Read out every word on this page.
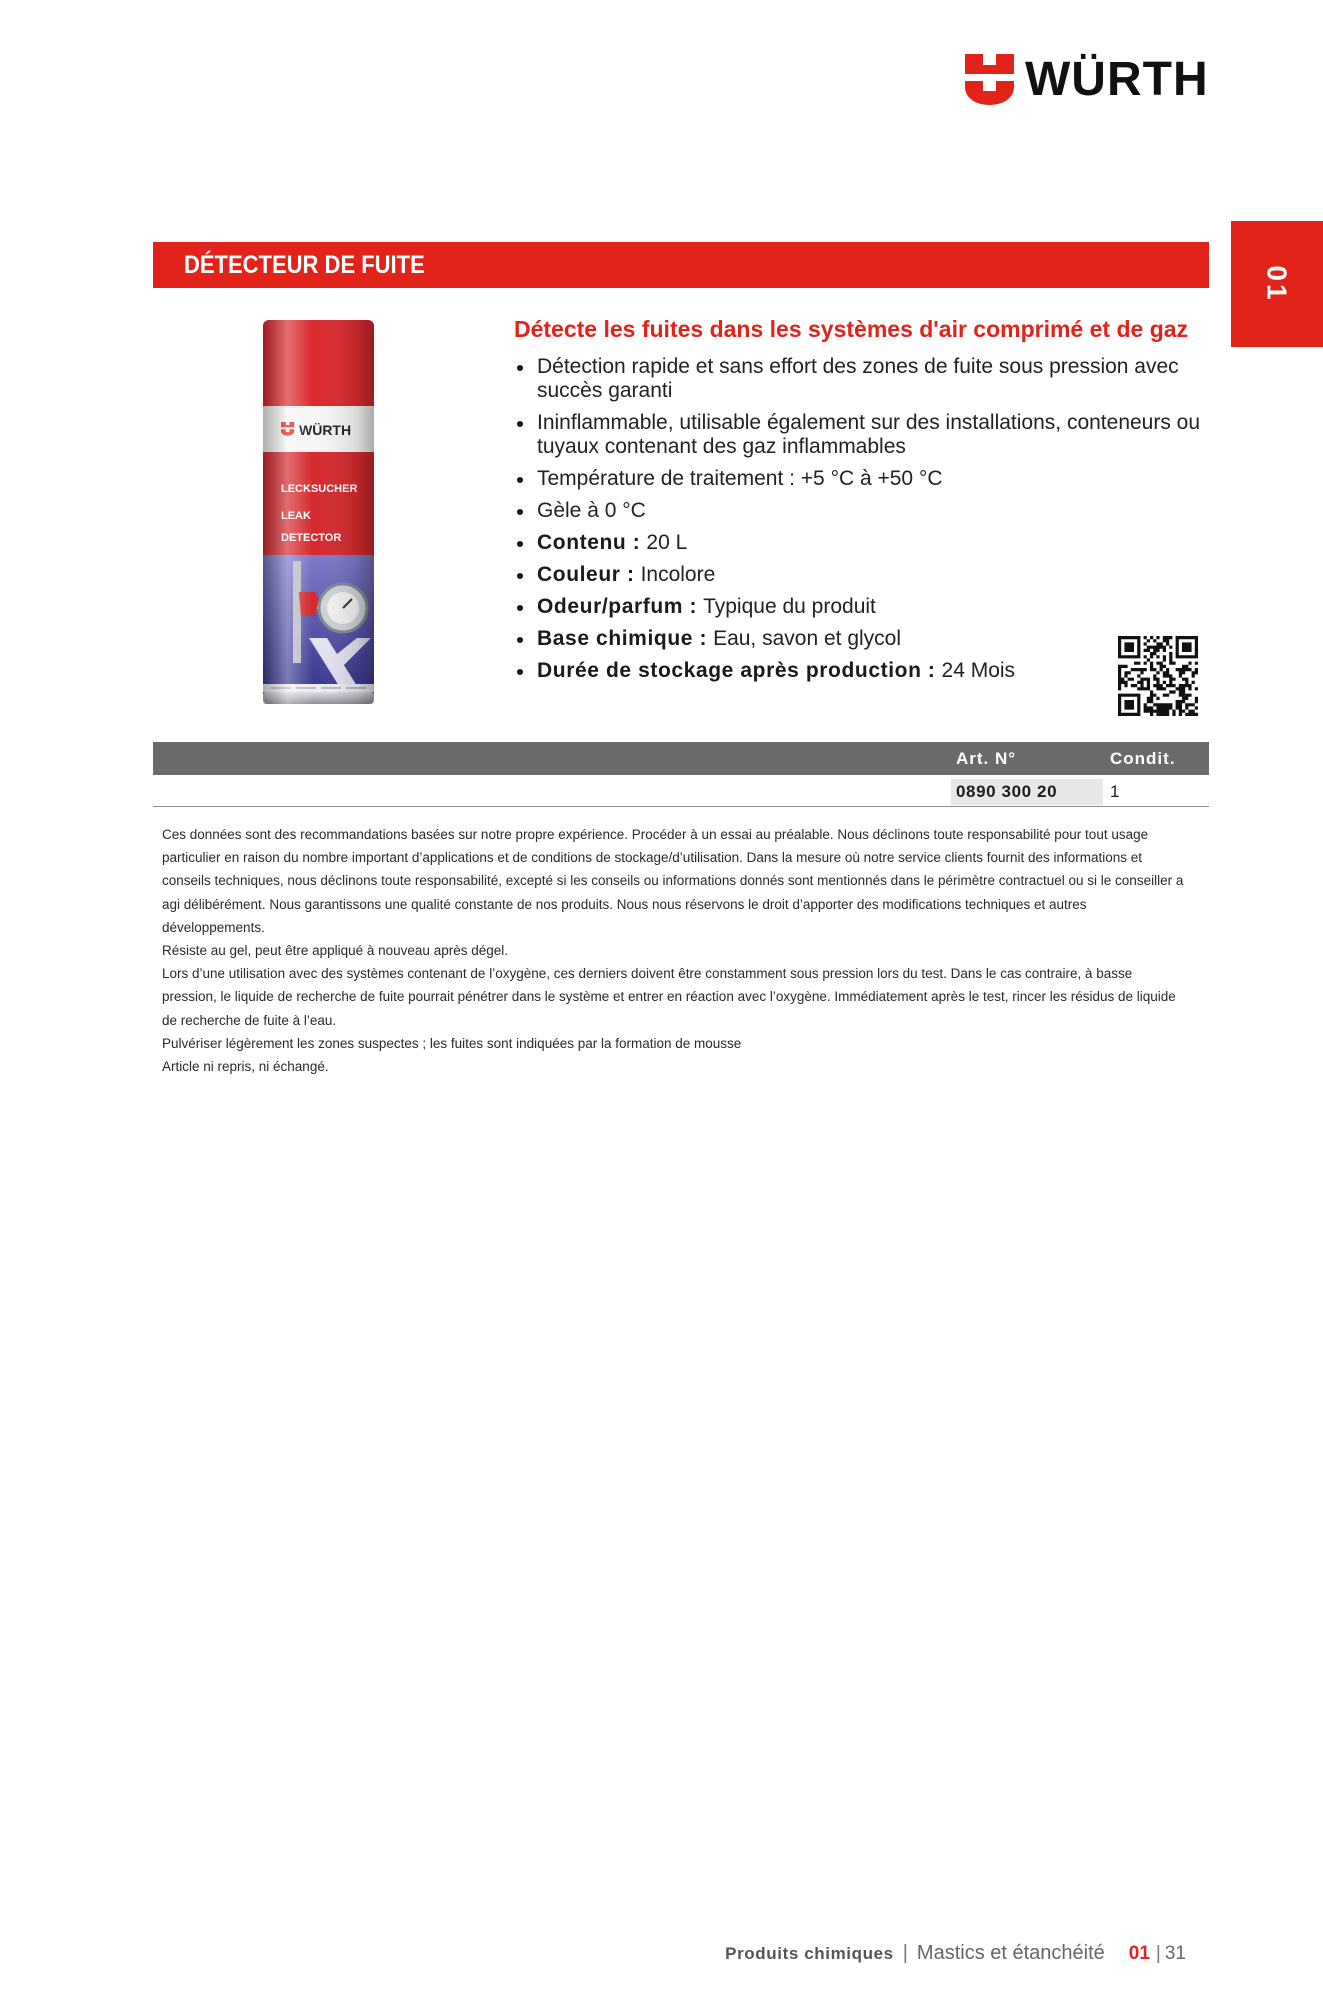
WÜRTH
01
DÉTECTEUR DE FUITE
Détecte les fuites dans les systèmes d'air comprimé et de gaz
Détection rapide et sans effort des zones de fuite sous pression avec succès garanti
Ininflammable, utilisable également sur des installations, conteneurs ou tuyaux contenant des gaz inflammables
Température de traitement : +5 °C à +50 °C
Gèle à 0 °C
Contenu : 20 L
Couleur : Incolore
Odeur/parfum : Typique du produit
Base chimique : Eau, savon et glycol
Durée de stockage après production : 24 Mois
Art. N°	Condit.
0890 300 20	1

Ces données sont des recommandations basées sur notre propre expérience. Procéder à un essai au préalable. Nous déclinons toute responsabilité pour tout usage particulier en raison du nombre important d’applications et de conditions de stockage/d’utilisation. Dans la mesure où notre service clients fournit des informations et conseils techniques, nous déclinons toute responsabilité, excepté si les conseils ou informations donnés sont mentionnés dans le périmètre contractuel ou si le conseiller a agi délibérément. Nous garantissons une qualité constante de nos produits. Nous nous réservons le droit d’apporter des modifications techniques et autres développements.

Résiste au gel, peut être appliqué à nouveau après dégel.

Lors d’une utilisation avec des systèmes contenant de l’oxygène, ces derniers doivent être constamment sous pression lors du test. Dans le cas contraire, à basse pression, le liquide de recherche de fuite pourrait pénétrer dans le système et entrer en réaction avec l’oxygène. Immédiatement après le test, rincer les résidus de liquide de recherche de fuite à l’eau.

Pulvériser légèrement les zones suspectes ; les fuites sont indiquées par la formation de mousse

Article ni repris, ni échangé.

Produits chimiques | Mastics et étanchéité 01 | 31
